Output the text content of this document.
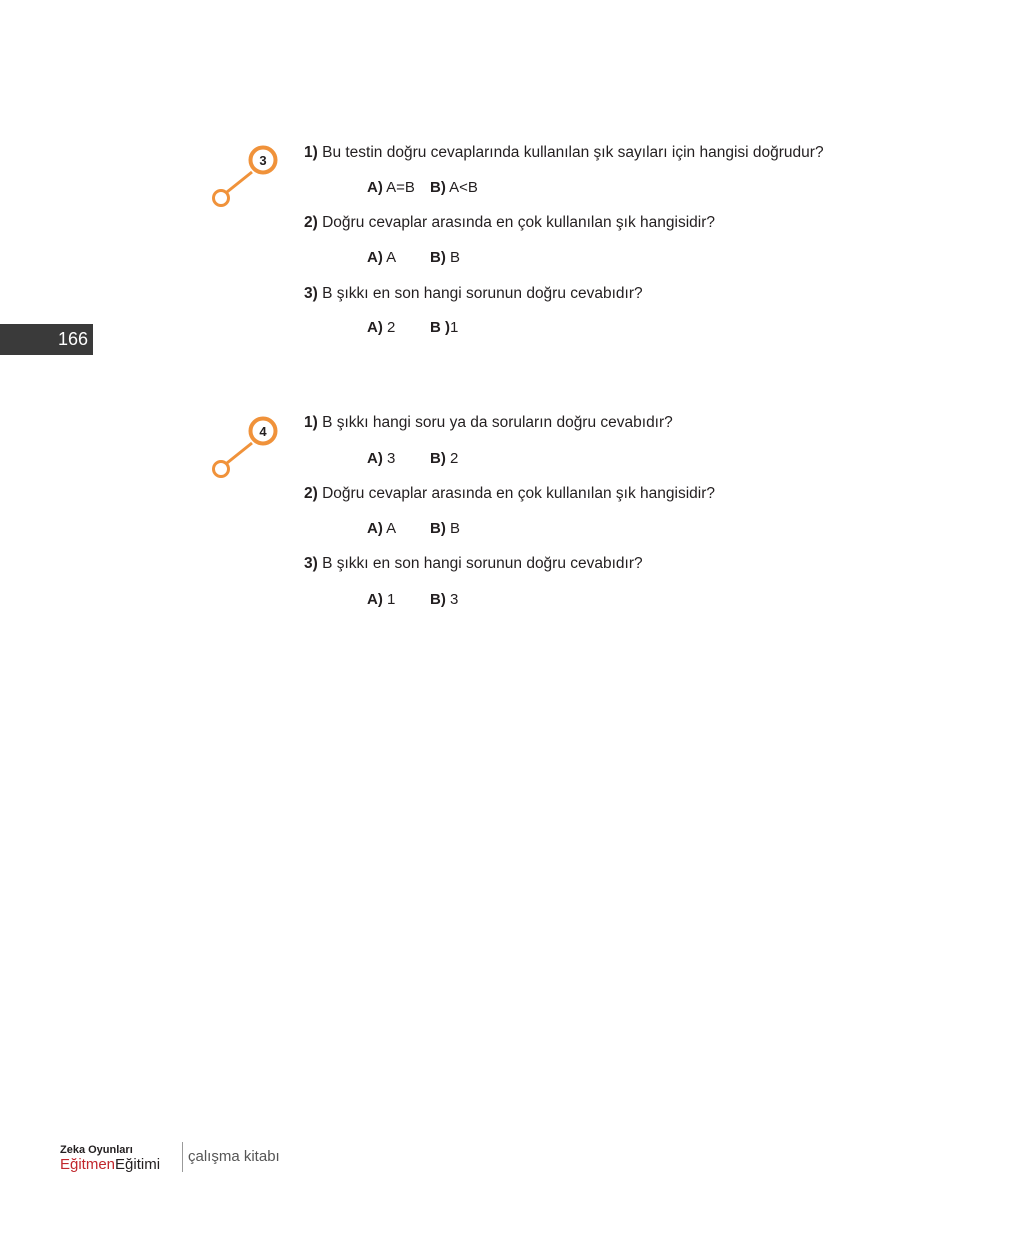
166
3 1) Bu testin doğru cevaplarında kullanılan şık sayıları için hangisi doğrudur?
A) A=B B) A<B
2) Doğru cevaplar arasında en çok kullanılan şık hangisidir?
A) A B) B
3) B şıkkı en son hangi sorunun doğru cevabıdır?
A) 2 B )1
4
1) B şıkkı hangi soru ya da soruların doğru cevabıdır?
A) 3 B) 2
2) Doğru cevaplar arasında en çok kullanılan şık hangisidir?
A) A B) B
3) B şıkkı en son hangi sorunun doğru cevabıdır?
A) 1 B) 3
Zeka Oyunları
EğitmenEğitimi çalışma kitabı
